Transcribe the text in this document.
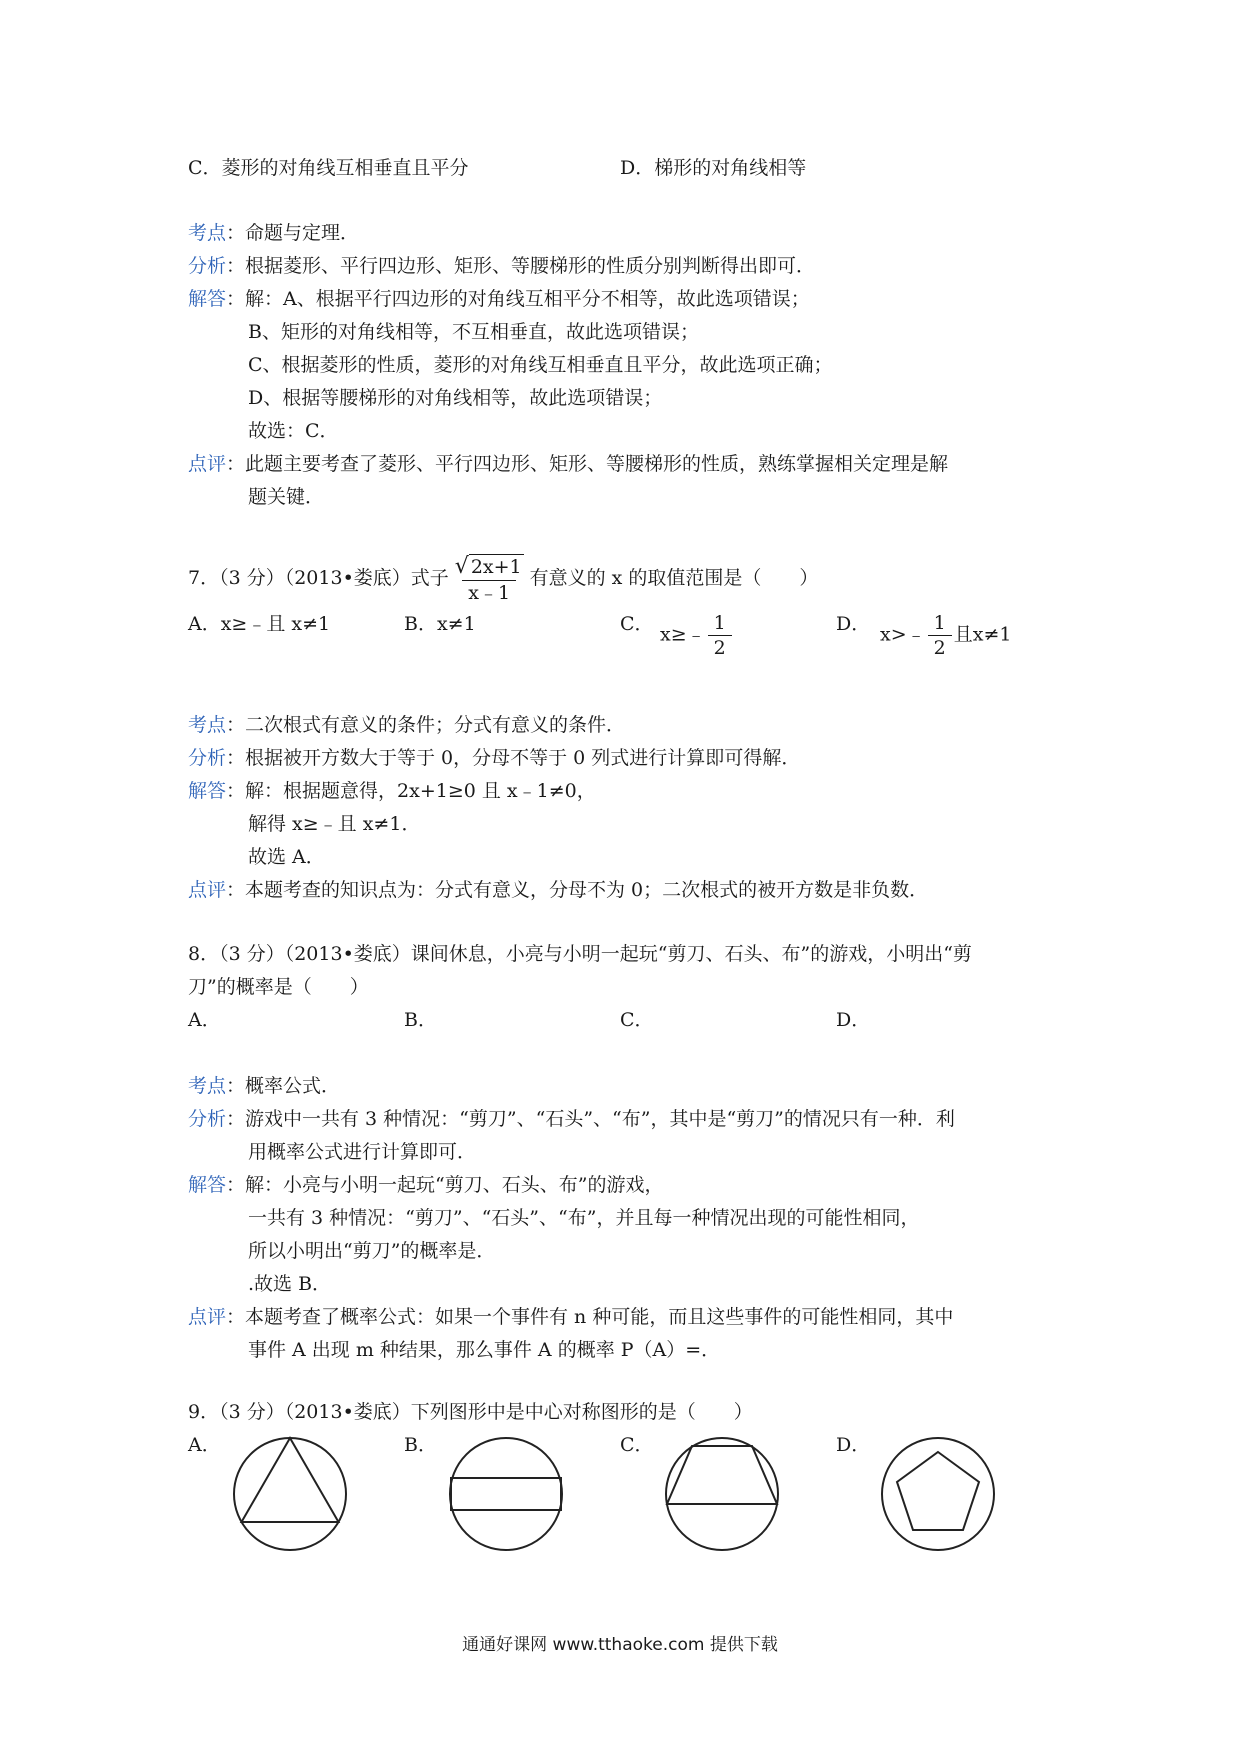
C．菱形的对角线互相垂直且平分	D．梯形的对角线相等
考点：命题与定理．
分析：根据菱形、平行四边形、矩形、等腰梯形的性质分别判断得出即可．
解答：解：A、根据平行四边形的对角线互相平分不相等，故此选项错误；
B、矩形的对角线相等，不互相垂直，故此选项错误；
C、根据菱形的性质，菱形的对角线互相垂直且平分，故此选项正确；
D、根据等腰梯形的对角线相等，故此选项错误；
故选：C．
点评：此题主要考查了菱形、平行四边形、矩形、等腰梯形的性质，熟练掌握相关定理是解
题关键．
7．（3 分）（2013•娄底）式子 $\frac{√ 2x+1}{x﹣1}$ 有意义的 x 的取值范围是（　　）
A．x≥﹣且 x≠1	B．x≠1	C． x≥﹣ $\frac{1}{2}$	D． x>﹣ $\frac{1}{2}$ 且x≠1
考点：二次根式有意义的条件；分式有意义的条件．
分析：根据被开方数大于等于 0，分母不等于 0 列式进行计算即可得解．
解答：解：根据题意得，2x+1≥0 且 x﹣1≠0，
解得 x≥﹣且 x≠1．
故选 A．
点评：本题考查的知识点为：分式有意义，分母不为 0；二次根式的被开方数是非负数．
8．（3 分）（2013•娄底）课间休息，小亮与小明一起玩“剪刀、石头、布”的游戏，小明出“剪
刀”的概率是（　　）
A．	B．	C．	D．
考点：概率公式．
分析：游戏中一共有 3 种情况：“剪刀”、“石头”、“布”，其中是“剪刀”的情况只有一种．利
用概率公式进行计算即可．
解答：解：小亮与小明一起玩“剪刀、石头、布”的游戏，
一共有 3 种情况：“剪刀”、“石头”、“布”，并且每一种情况出现的可能性相同，
所以小明出“剪刀”的概率是．
.故选 B．
点评：本题考查了概率公式：如果一个事件有 n 种可能，而且这些事件的可能性相同，其中
事件 A 出现 m 种结果，那么事件 A 的概率 P（A）=．
9．（3 分）（2013•娄底）下列图形中是中心对称图形的是（　　）
A．	B．	C．	D．
通通好课网 www.tthaoke.com 提供下载
